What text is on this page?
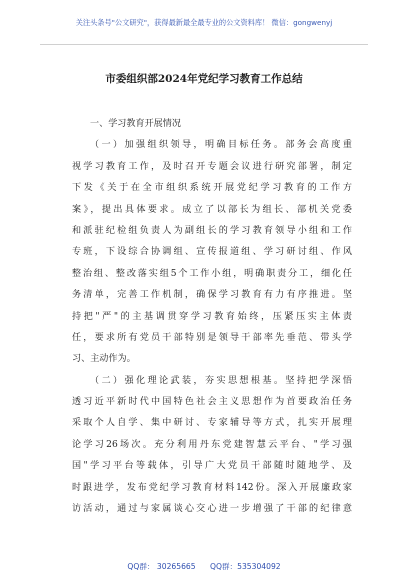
关注头条号"公文研究"，获得最新最全最专业的公文资料库！ 微信：gongwenyj
市委组织部2024年党纪学习教育工作总结
一、学习教育开展情况
（一）加强组织领导，明确目标任务。部务会高度重
视学习教育工作，及时召开专题会议进行研究部署，制定
下发《关于在全市组织系统开展党纪学习教育的工作方
案》，提出具体要求。成立了以部长为组长、部机关党委
和派驻纪检组负责人为副组长的学习教育领导小组和工作
专班，下设综合协调组、宣传报道组、学习研讨组、作风
整治组、整改落实组5个工作小组，明确职责分工，细化任
务清单，完善工作机制，确保学习教育有力有序推进。坚
持把"严"的主基调贯穿学习教育始终，压紧压实主体责
任，要求所有党员干部特别是领导干部率先垂范、带头学
习、主动作为。
（二）强化理论武装，夯实思想根基。坚持把学深悟
透习近平新时代中国特色社会主义思想作为首要政治任务
采取个人自学、集中研讨、专家辅导等方式，扎实开展理
论学习26场次。充分利用丹东党建智慧云平台、"学习强
国"学习平台等载体，引导广大党员干部随时随地学、及
时跟进学，发布党纪学习教育材料142份。深入开展廉政家
访活动，通过与家属谈心交心进一步增强了干部的纪律意
QQ群： 30265665 QQ群：535304092
